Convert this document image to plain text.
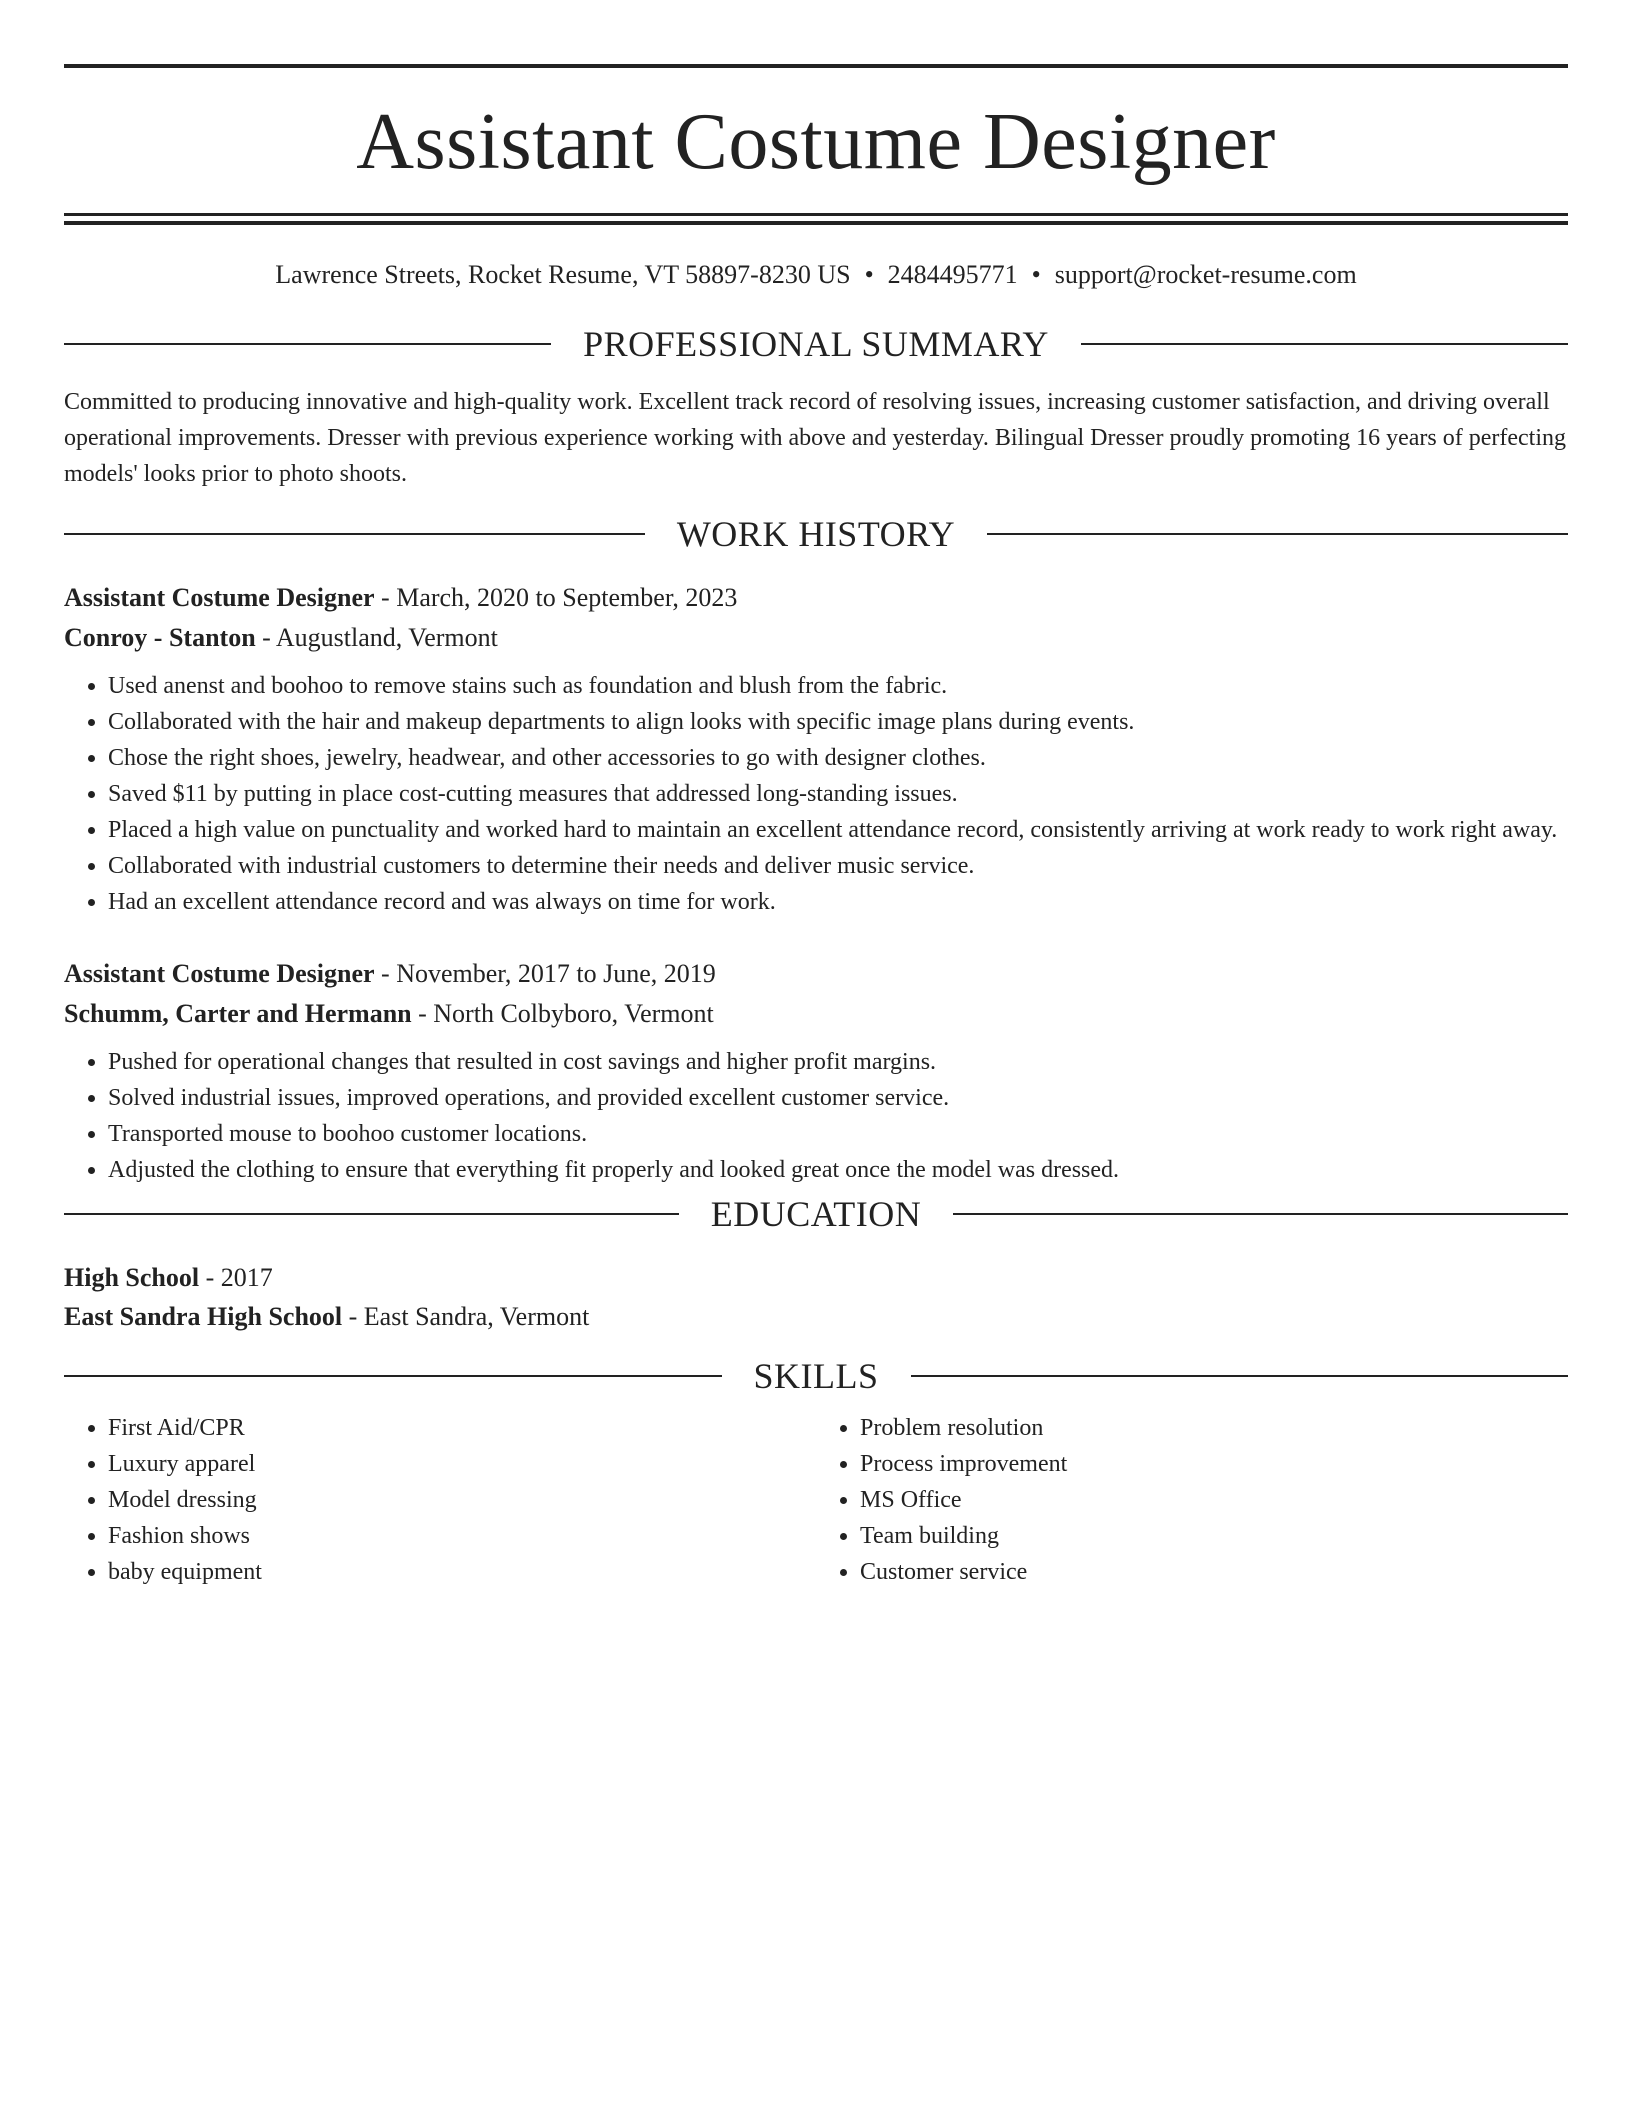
Assistant Costume Designer
Lawrence Streets, Rocket Resume, VT 58897-8230 US • 2484495771 • support@rocket-resume.com
PROFESSIONAL SUMMARY

Committed to producing innovative and high-quality work. Excellent track record of resolving issues, increasing customer satisfaction, and driving overall operational improvements. Dresser with previous experience working with above and yesterday. Bilingual Dresser proudly promoting 16 years of perfecting models' looks prior to photo shoots.

WORK HISTORY
Assistant Costume Designer - March, 2020 to September, 2023
Conroy - Stanton - Augustland, Vermont
• Used anenst and boohoo to remove stains such as foundation and blush from the fabric.
• Collaborated with the hair and makeup departments to align looks with specific image plans during events.
• Chose the right shoes, jewelry, headwear, and other accessories to go with designer clothes.
• Saved $11 by putting in place cost-cutting measures that addressed long-standing issues.
• Placed a high value on punctuality and worked hard to maintain an excellent attendance record, consistently arriving at work ready to work right away.
• Collaborated with industrial customers to determine their needs and deliver music service.
• Had an excellent attendance record and was always on time for work.
Assistant Costume Designer - November, 2017 to June, 2019
Schumm, Carter and Hermann - North Colbyboro, Vermont
• Pushed for operational changes that resulted in cost savings and higher profit margins.
• Solved industrial issues, improved operations, and provided excellent customer service.
• Transported mouse to boohoo customer locations.
• Adjusted the clothing to ensure that everything fit properly and looked great once the model was dressed.
EDUCATION
High School - 2017
East Sandra High School - East Sandra, Vermont
SKILLS
• First Aid/CPR
• Luxury apparel
• Model dressing
• Fashion shows
• baby equipment
• Problem resolution
• Process improvement
• MS Office
• Team building
• Customer service
